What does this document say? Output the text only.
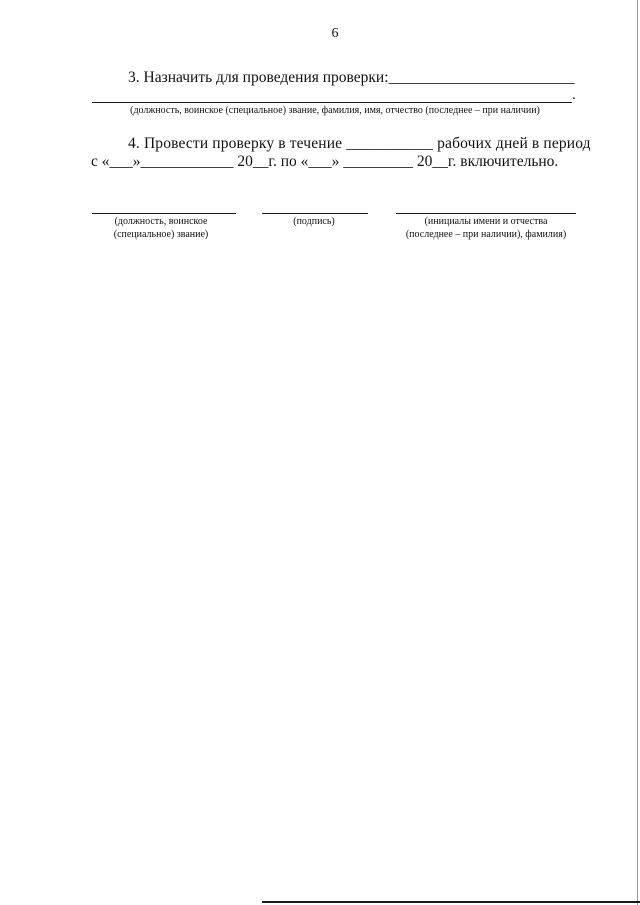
6
3. Назначить для проведения проверки:________________________
.
(должность, воинское (специальное) звание, фамилия, имя, отчество (последнее – при наличии)
4. Провести проверку в течение ___________ рабочих дней в период
с «___»____________ 20__г. по «___» _________ 20__г. включительно.
(должность, воинское
(специальное) звание)
(подпись)	(инициалы имени и отчества
(последнее – при наличии), фамилия)
